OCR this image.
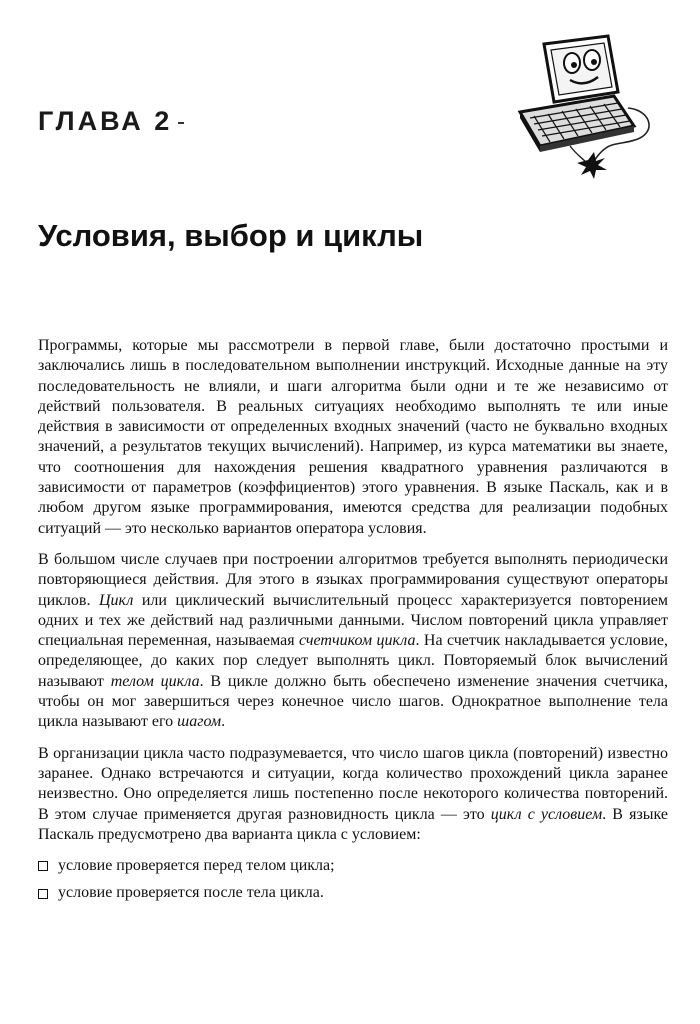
ГЛАВА 2
Условия, выбор и циклы

Программы, которые мы рассмотрели в первой главе, были достаточно простыми и заключались лишь в последовательном выполнении инструкций. Исходные данные на эту последовательность не влияли, и шаги алгоритма были одни и те же независимо от действий пользователя. В реальных ситуациях необходимо выполнять те или иные действия в зависимости от определенных входных значений (часто не буквально входных значений, а результатов текущих вычислений). Например, из курса математики вы знаете, что соотношения для нахождения решения квадратного уравнения различаются в зависимости от параметров (коэффициентов) этого уравнения. В языке Паскаль, как и в любом другом языке программирования, имеются средства для реализации подобных ситуаций — это несколько вариантов оператора условия.

В большом числе случаев при построении алгоритмов требуется выполнять периодически повторяющиеся действия. Для этого в языках программирования существуют операторы циклов. Цикл или циклический вычислительный процесс характеризуется повторением одних и тех же действий над различными данными. Числом повторений цикла управляет специальная переменная, называемая счетчиком цикла. На счетчик накладывается условие, определяющее, до каких пор следует выполнять цикл. Повторяемый блок вычислений называют телом цикла. В цикле должно быть обеспечено изменение значения счетчика, чтобы он мог завершиться через конечное число шагов. Однократное выполнение тела цикла называют его шагом.

В организации цикла часто подразумевается, что число шагов цикла (повторений) известно заранее. Однако встречаются и ситуации, когда количество прохождений цикла заранее неизвестно. Оно определяется лишь постепенно после некоторого количества повторений. В этом случае применяется другая разновидность цикла — это цикл с условием. В языке Паскаль предусмотрено два варианта цикла с условием:

условие проверяется перед телом цикла;
условие проверяется после тела цикла.
